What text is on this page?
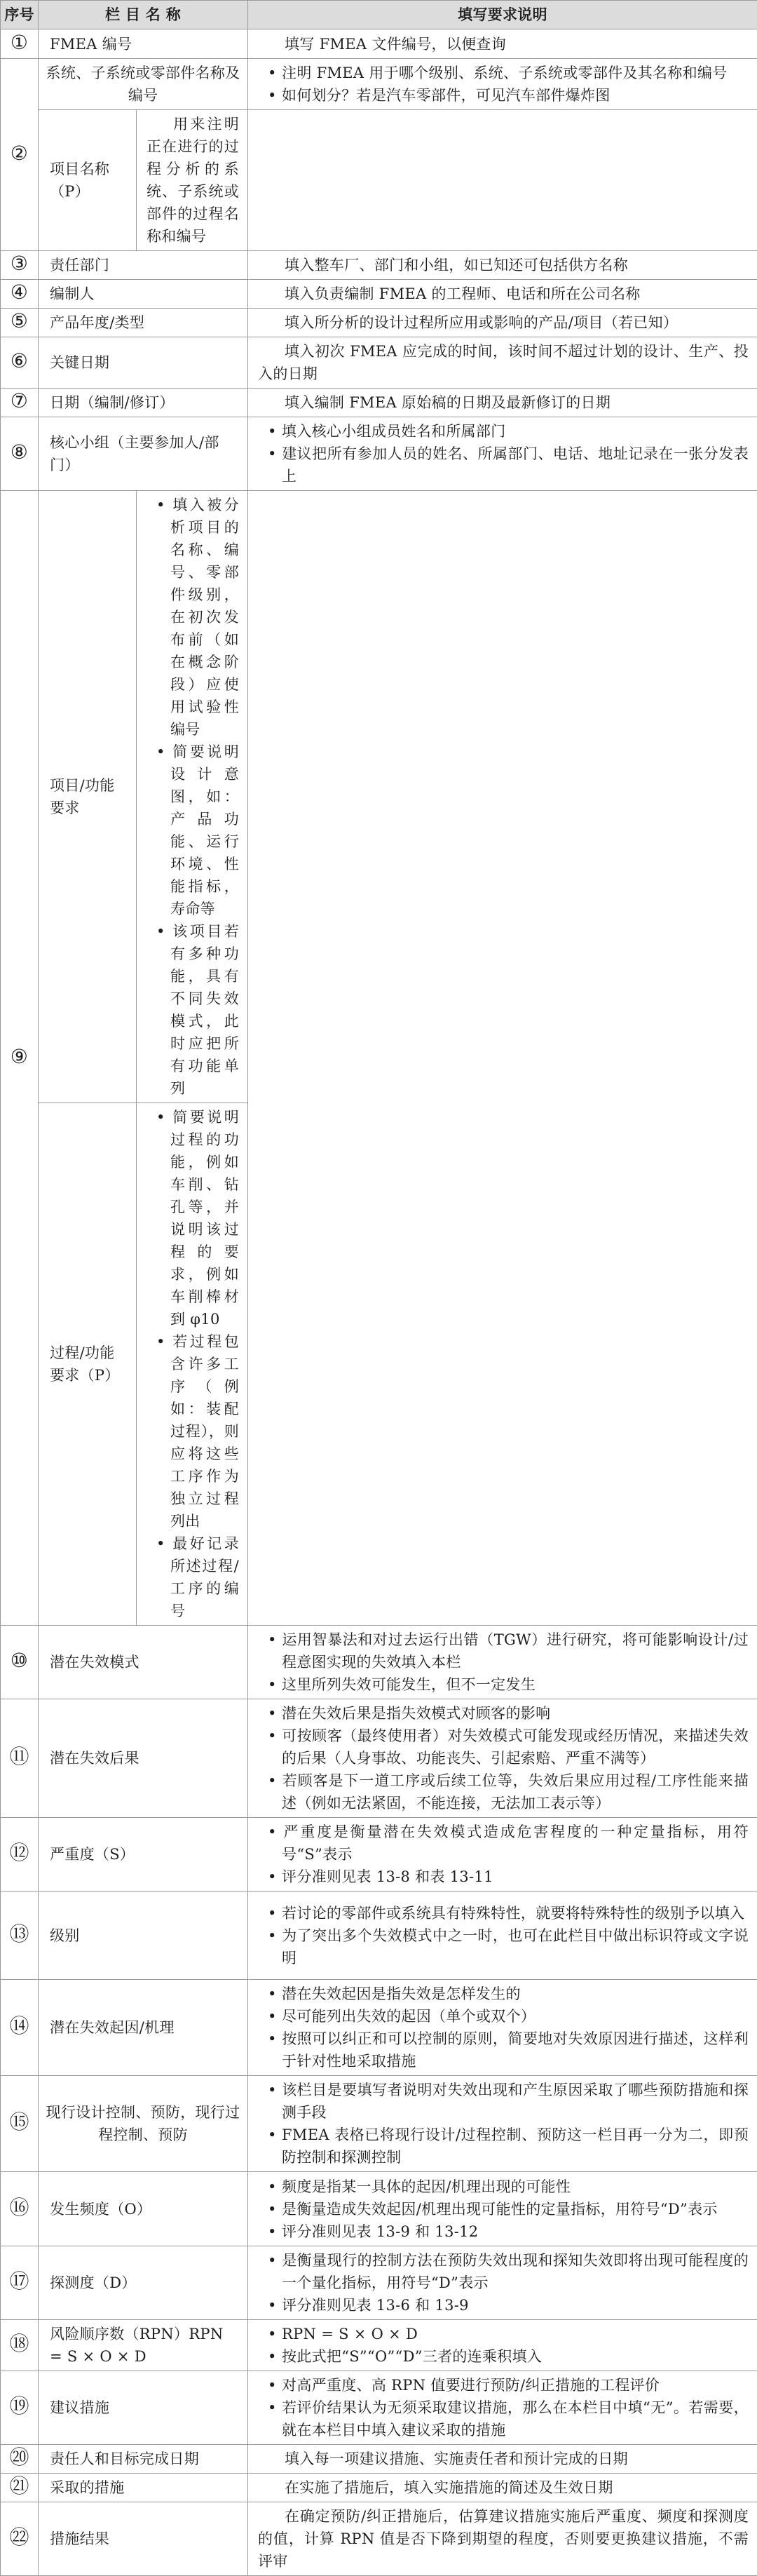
序号	栏 目 名 称		填写要求说明
①	FMEA 编号		填写 FMEA 文件编号，以便查询

②	系统、子系统或零部件名称及编号		• 注明 FMEA 用于哪个级别、系统、子系统或零部件及其名称和编号
• 如何划分？若是汽车零部件，可见汽车部件爆炸图

	项目名称（P）	用来注明正在进行的过程分析的系统、子系统或部件的过程名称和编号	

③	责任部门		填入整车厂、部门和小组，如已知还可包括供方名称

④	编制人		填入负责编制 FMEA 的工程师、电话和所在公司名称

⑤	产品年度/类型		填入所分析的设计过程所应用或影响的产品/项目（若已知）

⑥	关键日期		填入初次 FMEA 应完成的时间，该时间不超过计划的设计、生产、投入的日期

⑦	日期（编制/修订）		填入编制 FMEA 原始稿的日期及最新修订的日期

⑧	核心小组（主要参加人/部门）		• 填入核心小组成员姓名和所属部门
• 建议把所有参加人员的姓名、所属部门、电话、地址记录在一张分发表上

⑨	项目/功能要求	• 填入被分析项目的名称、编号、零部件级别，在初次发布前（如在概念阶段）应使用试验性编号
• 简要说明设计意图，如：产品功能、运行环境、性能指标，寿命等
• 该项目若有多种功能，具有不同失效模式，此时应把所有功能单列

	过程/功能要求（P）	• 简要说明过程的功能，例如车削、钻孔等，并说明该过程的要求，例如车削棒材到 φ10
• 若过程包含许多工序（例如：装配过程），则应将这些工序作为独立过程列出
• 最好记录所述过程/工序的编号

⑩	潜在失效模式		• 运用智暴法和对过去运行出错（TGW）进行研究，将可能影响设计/过程意图实现的失效填入本栏
• 这里所列失效可能发生，但不一定发生

⑪	潜在失效后果		• 潜在失效后果是指失效模式对顾客的影响
• 可按顾客（最终使用者）对失效模式可能发现或经历情况，来描述失效的后果（人身事故、功能丧失、引起索赔、严重不满等）
• 若顾客是下一道工序或后续工位等，失效后果应用过程/工序性能来描述（例如无法紧固，不能连接，无法加工表示等）

⑫	严重度（S）		• 严重度是衡量潜在失效模式造成危害程度的一种定量指标，用符号“S”表示
• 评分准则见表 13-8 和表 13-11

⑬	级别		• 若讨论的零部件或系统具有特殊特性，就要将特殊特性的级别予以填入
• 为了突出多个失效模式中之一时，也可在此栏目中做出标识符或文字说明

⑭	潜在失效起因/机理		• 潜在失效起因是指失效是怎样发生的
• 尽可能列出失效的起因（单个或双个）
• 按照可以纠正和可以控制的原则，简要地对失效原因进行描述，这样利于针对性地采取措施

⑮	现行设计控制、预防，现行过程控制、预防		• 该栏目是要填写者说明对失效出现和产生原因采取了哪些预防措施和探测手段
• FMEA 表格已将现行设计/过程控制、预防这一栏目再一分为二，即预防控制和探测控制

⑯	发生频度（O）		• 频度是指某一具体的起因/机理出现的可能性
• 是衡量造成失效起因/机理出现可能性的定量指标，用符号“D”表示
• 评分准则见表 13-9 和 13-12

⑰	探测度（D）		• 是衡量现行的控制方法在预防失效出现和探知失效即将出现可能程度的一个量化指标，用符号“D”表示
• 评分准则见表 13-6 和 13-9

⑱	风险顺序数（RPN）RPN = S × O × D		• RPN = S × O × D
• 按此式把“S”“O”“D”三者的连乘积填入

⑲	建议措施		• 对高严重度、高 RPN 值要进行预防/纠正措施的工程评价
• 若评价结果认为无须采取建议措施，那么在本栏目中填“无”。若需要，就在本栏目中填入建议采取的措施

⑳	责任人和目标完成日期		填入每一项建议措施、实施责任者和预计完成的日期

㉑	采取的措施		在实施了措施后，填入实施措施的简述及生效日期

㉒	措施结果		在确定预防/纠正措施后，估算建议措施实施后严重度、频度和探测度的值，计算 RPN 值是否下降到期望的程度，否则要更换建议措施，不需评审
